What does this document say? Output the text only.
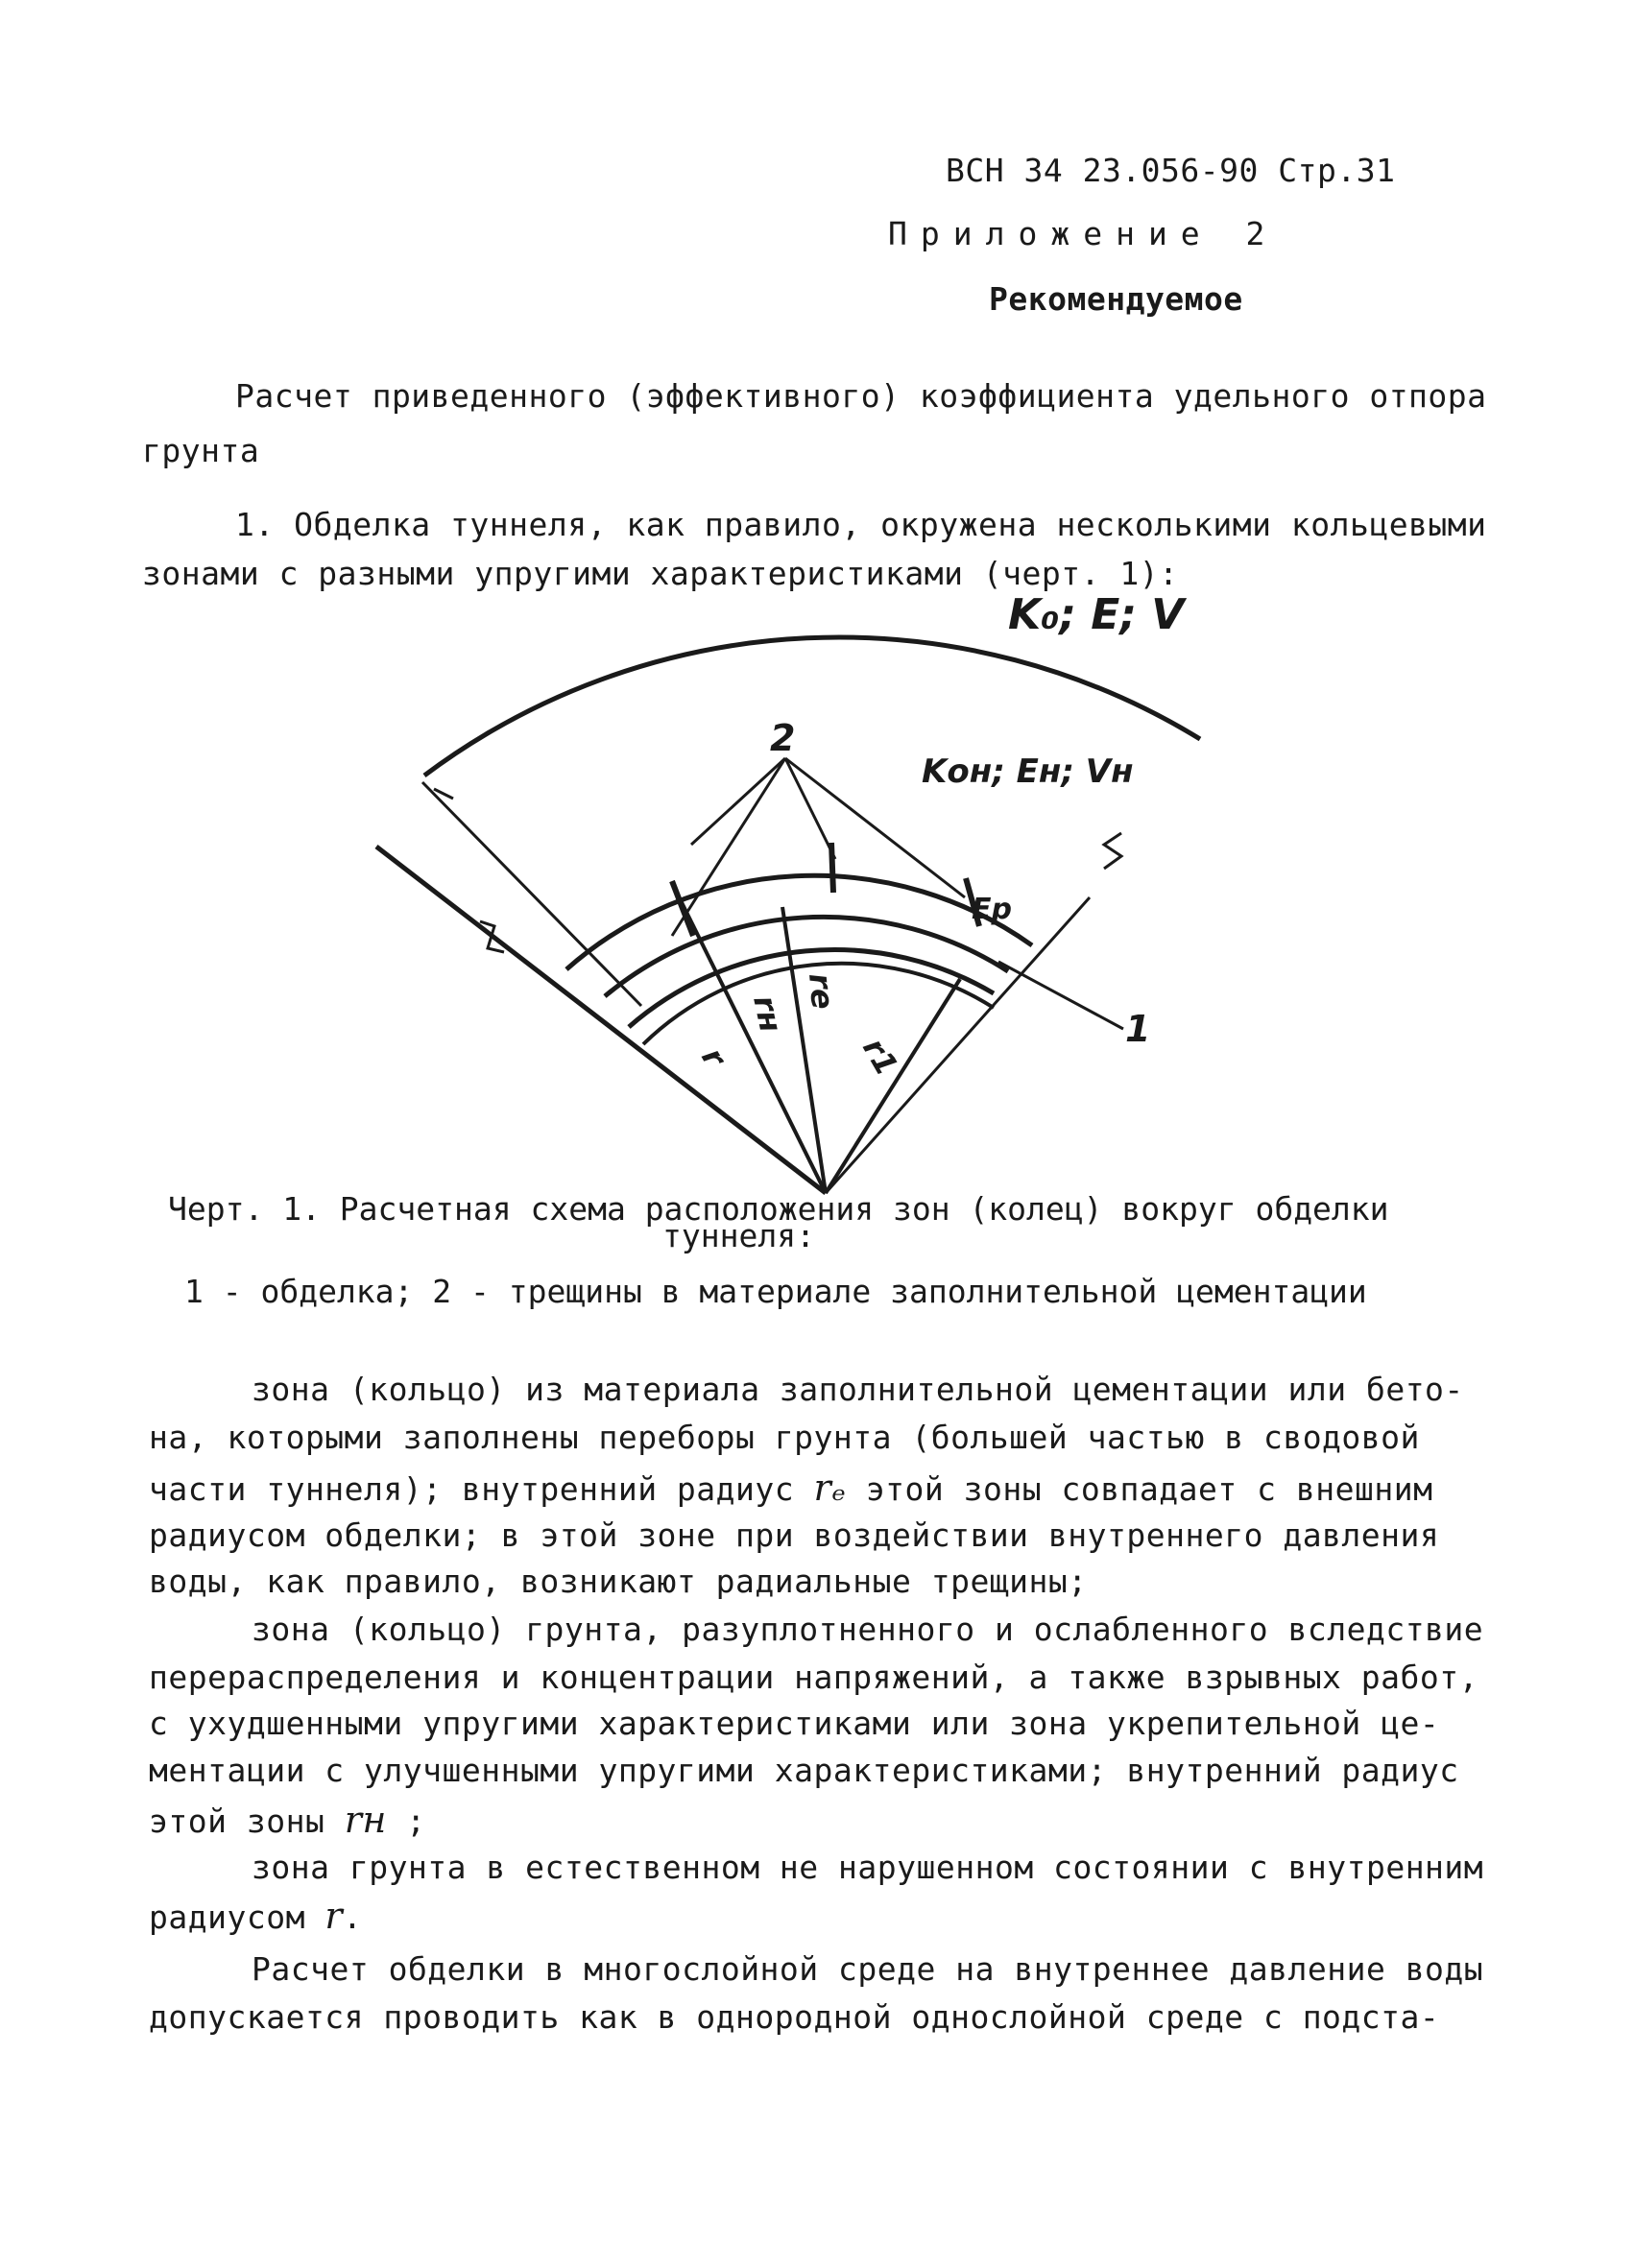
ВСН 34 23.056-90 Стр.31
Приложение 2
Рекомендуемое
Расчет приведенного (эффективного) коэффициента удельного отпора
грунта
1. Обделка туннеля, как правило, окружена несколькими кольцевыми
зонами с разными упругими характеристиками (черт. 1):
K₀; E; V
Kон; Eн; Vн
Eр
1
2
r
rн
rе
r1
Черт. 1. Расчетная схема расположения зон (колец) вокруг обделки
туннеля:
1 - обделка; 2 - трещины в материале заполнительной цементации
зона (кольцо) из материала заполнительной цементации или бето-
на, которыми заполнены переборы грунта (большей частью в сводовой
части туннеля); внутренний радиус rₑ этой зоны совпадает с внешним
радиусом обделки; в этой зоне при воздействии внутреннего давления
воды, как правило, возникают радиальные трещины;
зона (кольцо) грунта, разуплотненного и ослабленного вследствие
перераспределения и концентрации напряжений, а также взрывных работ,
с ухудшенными упругими характеристиками или зона укрепительной це-
ментации с улучшенными упругими характеристиками; внутренний радиус
этой зоны rн ;
зона грунта в естественном не нарушенном состоянии с внутренним
радиусом r.
Расчет обделки в многослойной среде на внутреннее давление воды
допускается проводить как в однородной однослойной среде с подста-
